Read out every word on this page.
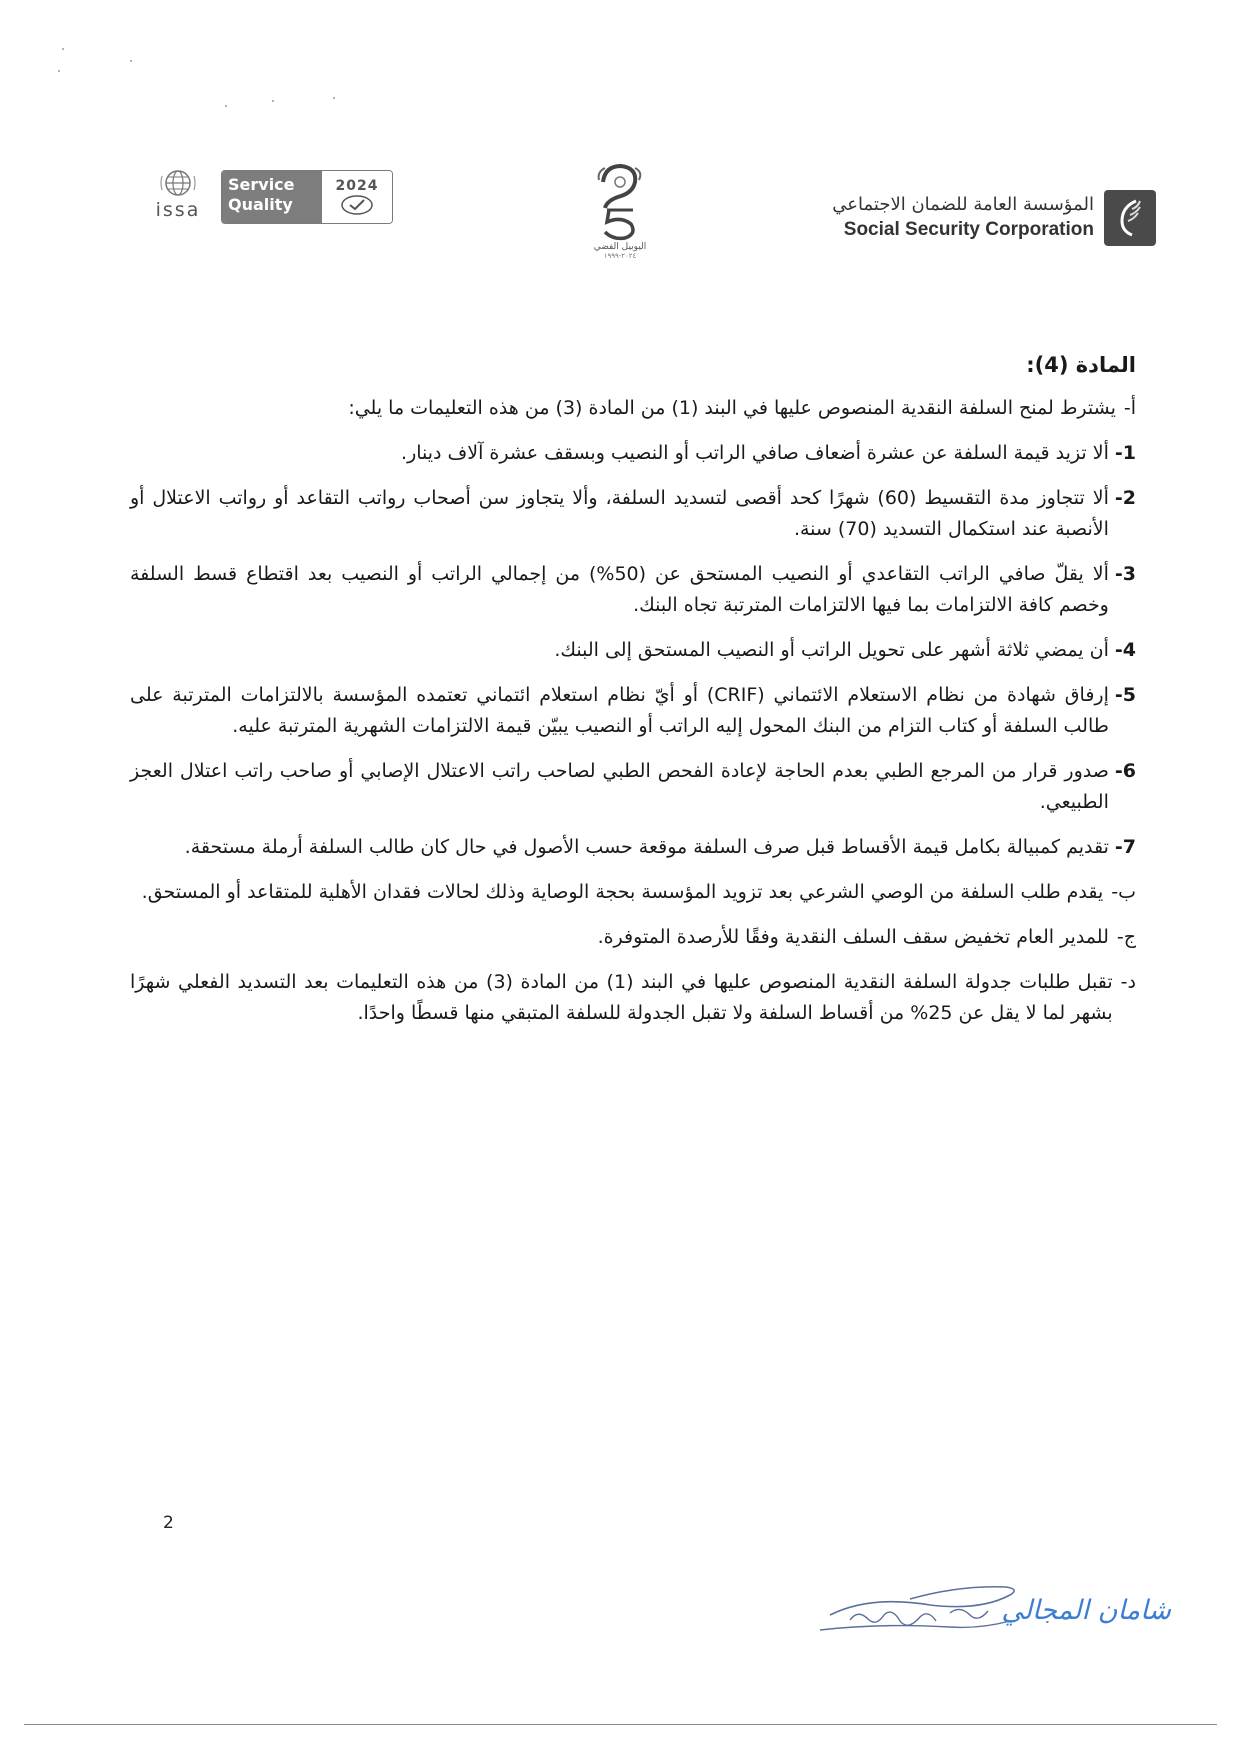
issa
Service
Quality
2024
اليوبيل الفضي
٢٠٢٤-١٩٩٩
المؤسسة العامة للضمان الاجتماعي
Social Security Corporation
المادة (4):
أ-
يشترط لمنح السلفة النقدية المنصوص عليها في البند (1) من المادة (3) من هذه التعليمات ما يلي:
1-
ألا تزيد قيمة السلفة عن عشرة أضعاف صافي الراتب أو النصيب وبسقف عشرة آلاف دينار.
2-
ألا تتجاوز مدة التقسيط (60) شهرًا كحد أقصى لتسديد السلفة، وألا يتجاوز سن أصحاب رواتب التقاعد أو رواتب الاعتلال أو الأنصبة عند استكمال التسديد (70) سنة.
3-
ألا يقلّ صافي الراتب التقاعدي أو النصيب المستحق عن (50%) من إجمالي الراتب أو النصيب بعد اقتطاع قسط السلفة وخصم كافة الالتزامات بما فيها الالتزامات المترتبة تجاه البنك.
4-
أن يمضي ثلاثة أشهر على تحويل الراتب أو النصيب المستحق إلى البنك.
5-
إرفاق شهادة من نظام الاستعلام الائتماني (CRIF) أو أيّ نظام استعلام ائتماني تعتمده المؤسسة بالالتزامات المترتبة على طالب السلفة أو كتاب التزام من البنك المحول إليه الراتب أو النصيب يبيّن قيمة الالتزامات الشهرية المترتبة عليه.
6-
صدور قرار من المرجع الطبي بعدم الحاجة لإعادة الفحص الطبي لصاحب راتب الاعتلال الإصابي أو صاحب راتب اعتلال العجز الطبيعي.
7-
تقديم كمبيالة بكامل قيمة الأقساط قبل صرف السلفة موقعة حسب الأصول في حال كان طالب السلفة أرملة مستحقة.
ب-
يقدم طلب السلفة من الوصي الشرعي بعد تزويد المؤسسة بحجة الوصاية وذلك لحالات فقدان الأهلية للمتقاعد أو المستحق.
ج-
للمدير العام تخفيض سقف السلف النقدية وفقًا للأرصدة المتوفرة.
د-
تقبل طلبات جدولة السلفة النقدية المنصوص عليها في البند (1) من المادة (3) من هذه التعليمات بعد التسديد الفعلي شهرًا بشهر لما لا يقل عن 25% من أقساط السلفة ولا تقبل الجدولة للسلفة المتبقي منها قسطًا واحدًا.
2
شامان المجالي
